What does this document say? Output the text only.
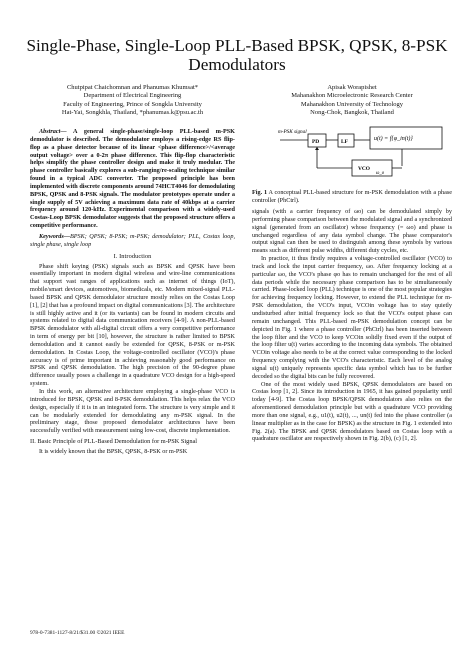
Single-Phase, Single-Loop PLL-Based BPSK, QPSK, 8-PSK Demodulators
Chutpipat Chaichomnan and Phanumas Khumsat*
Department of Electrical Engineering
Faculty of Engineering, Prince of Songkla University
Hat-Yai, Songkhla, Thailand, *phanumas.k@psu.ac.th
Apisak Worapishet
Mahanakhon Microelectronic Research Center
Mahanakhon University of Technology
Nong-Chok, Bangkok, Thailand

Abstract— A general single-phase/single-loop PLL-based m-PSK demodulator is described. The demodulator employs a rising-edge RS flip-flop as a phase detector because of its linear <phase difference>/<average output voltage> over a 0-2π phase difference. This flip-flop characteristic helps simplify the phase controller design and make it truly modular. The phase controller basically explores a sub-ranging/re-scaling technique similar found in a typical ADC converter. The proposed principle has been implemented with discrete components around 74HCT4046 for demodulating BPSK, QPSK and 8-PSK signals. The modulator prototypes operate under a single supply of 5V achieving a maximum data rate of 40kbps at a carrier frequency around 120-kHz. Experimental comparison with a widely-used Costas-Loop BPSK demodulator suggests that the proposed structure offers a competitive performance.

Keywords—BPSK; QPSK; 8-PSK; m-PSK; demodulator; PLL, Costas loop, single phase, single loop

I. Introduction

Phase shift keying (PSK) signals such as BPSK and QPSK have been essentially important in modern digital wireless and wire-line communications that support vast ranges of applications such as internet of things (IoT), mobile/smart devices, automotives, biomedicals, etc. Modern mixed-signal PLL-based BPSK and QPSK demodulator structure mostly relies on the Costas Loop [1], [2] that has a profound impact on digital communications [3]. The architecture is still highly active and it (or its variants) can be found in modern circuits and systems related to digital data communication receivers [4-9]. A non-PLL-based BPSK demodulator with all-digital circuit offers a very competitive performance in term of energy per bit [10], however, the structure is rather limited to BPSK demodulation and it cannot easily be extended for QPSK, 8-PSK or m-PSK demodulation. In Costas Loop, the voltage-controlled oscillator (VCO)'s phase accuracy is of prime important in achieving reasonably good performance on BPSK and QPSK demodulation. The high precision of the 90-degree phase difference usually poses a challenge in a quadrature VCO design for a high-speed system.

In this work, an alternative architecture employing a single-phase VCO is introduced for BPSK, QPSK and 8-PSK demodulation. This helps relax the VCO design, especially if it is in an integrated form. The structure is very simple and it can be modularly extended for demodulating any m-PSK signal. In the preliminary stage, those proposed demodulator architectures have been successfully verified with measurement using low-cost, discrete implementation.

II. Basic Principle of PLL-Based Demodulation for m-PSK Signal

It is widely known that the BPSK, QPSK, 8-PSK or m-PSK

m-PSK signal
PD	LF	u(t) = f{φ_in(t)}
VCO
ω_o
Fig. 1 A conceptual PLL-based structure for m-PSK demodulation with a phase controller (PhCtrl).

signals (with a carrier frequency of ωo) can be demodulated simply by performing phase comparison between the modulated signal and a synchronized signal (generated from an oscillator) whose frequency (= ωo) and phase is unchanged regardless of any data symbol change. The phase comparator's output signal can then be used to distinguish among these symbols by various means such as different pulse widths, different duty cycles, etc.

In practice, it thus firstly requires a voltage-controlled oscillator (VCO) to track and lock the input carrier frequency, ωo. After frequency locking at a particular ωo, the VCO's phase φo has to remain unchanged for the rest of all data periods while the necessary phase comparison has to be simultaneously carried. Phase-locked loop (PLL) technique is one of the most popular strategies for achieving frequency locking. However, to extend the PLL technique for m-PSK demodulation, the VCO's input, VCOin voltage has to stay quietly undisturbed after initial frequency lock so that the VCO's output phase can remain unchanged. This PLL-based m-PSK demodulation concept can be depicted in Fig. 1 where a phase controller (PhCtrl) has been inserted between the loop filter and the VCO to keep VCOin solidly fixed even if the output of the loop filter u(t) varies according to the incoming data symbols. The obtained VCOin voltage also needs to be at the correct value corresponding to the locked frequency complying with the VCO's characteristic. Each level of the analog signal u(t) uniquely represents specific data symbol which has to be further decoded so the digital bits can be fully recovered.

One of the most widely used BPSK, QPSK demodulators are based on Costas loop [1, 2]. Since its introduction in 1965, it has gained popularity until today [4-9]. The Costas loop BPSK/QPSK demodulators also relies on the aforementioned demodulation principle but with a quadrature VCO providing more than one signal, e.g., u1(t), u2(t), ..., un(t) fed into the phase controller (a linear multiplier as in the case for BPSK) as the structure in Fig. 1 extended into Fig. 2(a). The BPSK and QPSK demodulators based on Costas loop with a quadrature oscillator are respectively shown in Fig. 2(b), (c) [1, 2].

978-0-7381-1127-8/21/$31.00 ©2021 IEEE
